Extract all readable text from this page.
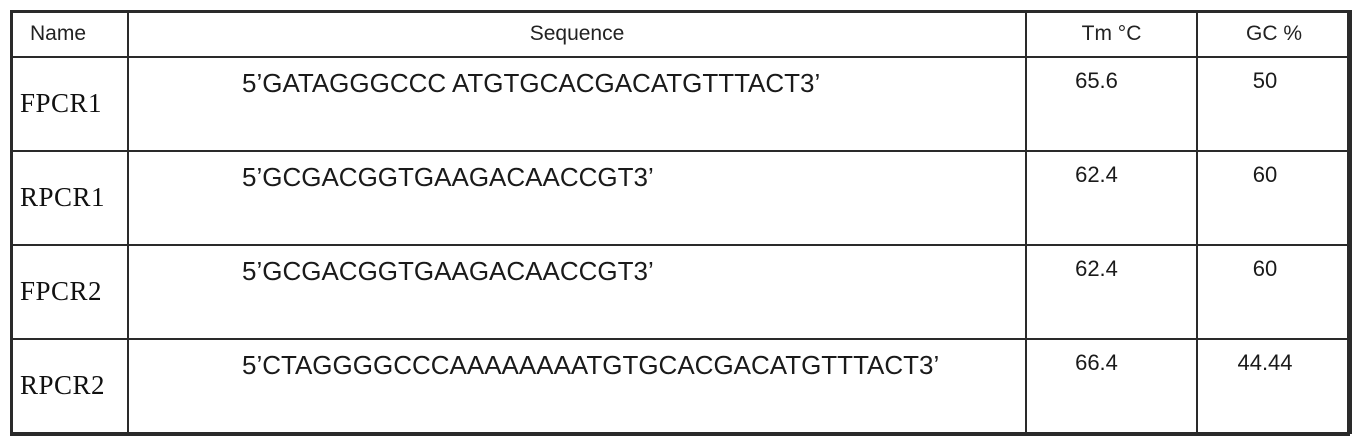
Name	Sequence	Tm °C	GC %

FPCR1	5’GATAGGGCCC ATGTGCACGACATGTTTACT3’	65.6	50

RPCR1	5’GCGACGGTGAAGACAACCGT3’	62.4	60

FPCR2	5’GCGACGGTGAAGACAACCGT3’	62.4	60

RPCR2	5’CTAGGGGCCCAAAAAAAATGTGCACGACATGTTTACT3’	66.4	44.44
